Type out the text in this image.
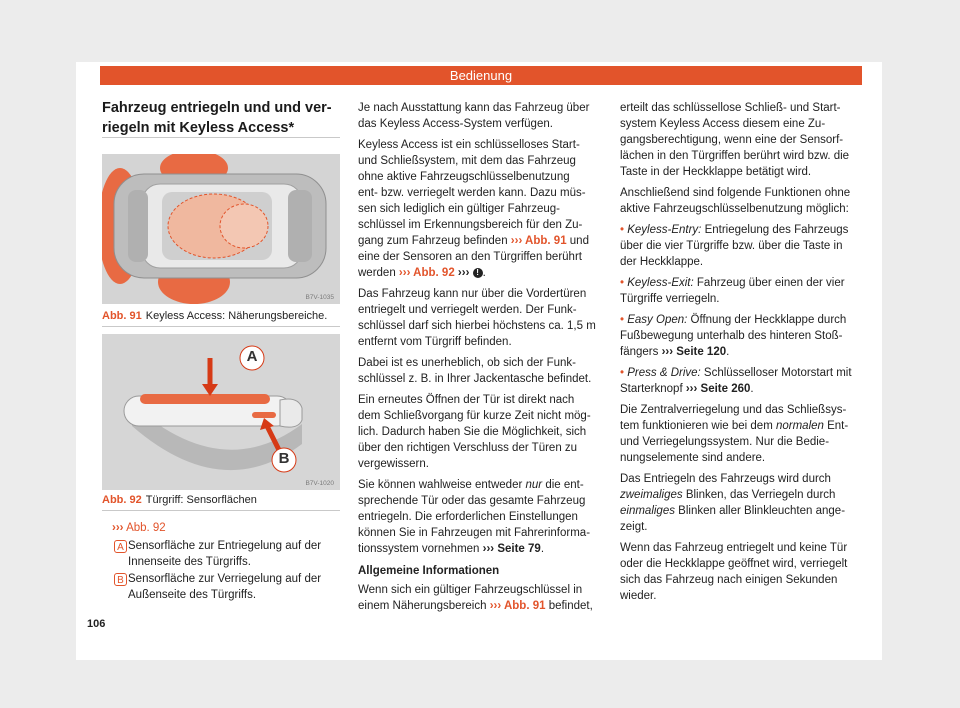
Bedienung
Fahrzeug entriegeln und und ver-
riegeln mit Keyless Access*
B7V-1035
Abb. 91 Keyless Access: Näherungsbereiche.
A
B
B7V-1020
Abb. 92 Türgriff: Sensorflächen
››› Abb. 92
A Sensorfläche zur Entriegelung auf der
Innenseite des Türgriffs.
B Sensorfläche zur Verriegelung auf der
Außenseite des Türgriffs.
106

Je nach Ausstattung kann das Fahrzeug über
das Keyless Access-System verfügen.

Keyless Access ist ein schlüsselloses Start-
und Schließsystem, mit dem das Fahrzeug
ohne aktive Fahrzeugschlüsselbenutzung
ent- bzw. verriegelt werden kann. Dazu müs-
sen sich lediglich ein gültiger Fahrzeug-
schlüssel im Erkennungsbereich für den Zu-
gang zum Fahrzeug befinden ››› Abb. 91 und
eine der Sensoren an den Türgriffen berührt
werden ››› Abb. 92 ››› ! .

Das Fahrzeug kann nur über die Vordertüren
entriegelt und verriegelt werden. Der Funk-
schlüssel darf sich hierbei höchstens ca. 1,5 m
entfernt vom Türgriff befinden.

Dabei ist es unerheblich, ob sich der Funk-
schlüssel z. B. in Ihrer Jackentasche befindet.

Ein erneutes Öffnen der Tür ist direkt nach
dem Schließvorgang für kurze Zeit nicht mög-
lich. Dadurch haben Sie die Möglichkeit, sich
über den richtigen Verschluss der Türen zu
vergewissern.

Sie können wahlweise entweder nur die ent-
sprechende Tür oder das gesamte Fahrzeug
entriegeln. Die erforderlichen Einstellungen
können Sie in Fahrzeugen mit Fahrerinforma-
tionssystem vornehmen ››› Seite 79.

Allgemeine Informationen

Wenn sich ein gültiger Fahrzeugschlüssel in
einem Näherungsbereich ››› Abb. 91 befindet,

erteilt das schlüssellose Schließ- und Start-
system Keyless Access diesem eine Zu-
gangsberechtigung, wenn eine der Sensorf-
lächen in den Türgriffen berührt wird bzw. die
Taste in der Heckklappe betätigt wird.

Anschließend sind folgende Funktionen ohne
aktive Fahrzeugschlüsselbenutzung möglich:

• Keyless-Entry: Entriegelung des Fahrzeugs
über die vier Türgriffe bzw. über die Taste in
der Heckklappe.

• Keyless-Exit: Fahrzeug über einen der vier
Türgriffe verriegeln.

• Easy Open: Öffnung der Heckklappe durch
Fußbewegung unterhalb des hinteren Stoß-
fängers ››› Seite 120.

• Press & Drive: Schlüsselloser Motorstart mit
Starterknopf ››› Seite 260.

Die Zentralverriegelung und das Schließsys-
tem funktionieren wie bei dem normalen Ent-
und Verriegelungssystem. Nur die Bedie-
nungselemente sind andere.

Das Entriegeln des Fahrzeugs wird durch
zweimaliges Blinken, das Verriegeln durch
einmaliges Blinken aller Blinkleuchten ange-
zeigt.

Wenn das Fahrzeug entriegelt und keine Tür
oder die Heckklappe geöffnet wird, verriegelt
sich das Fahrzeug nach einigen Sekunden
wieder.
